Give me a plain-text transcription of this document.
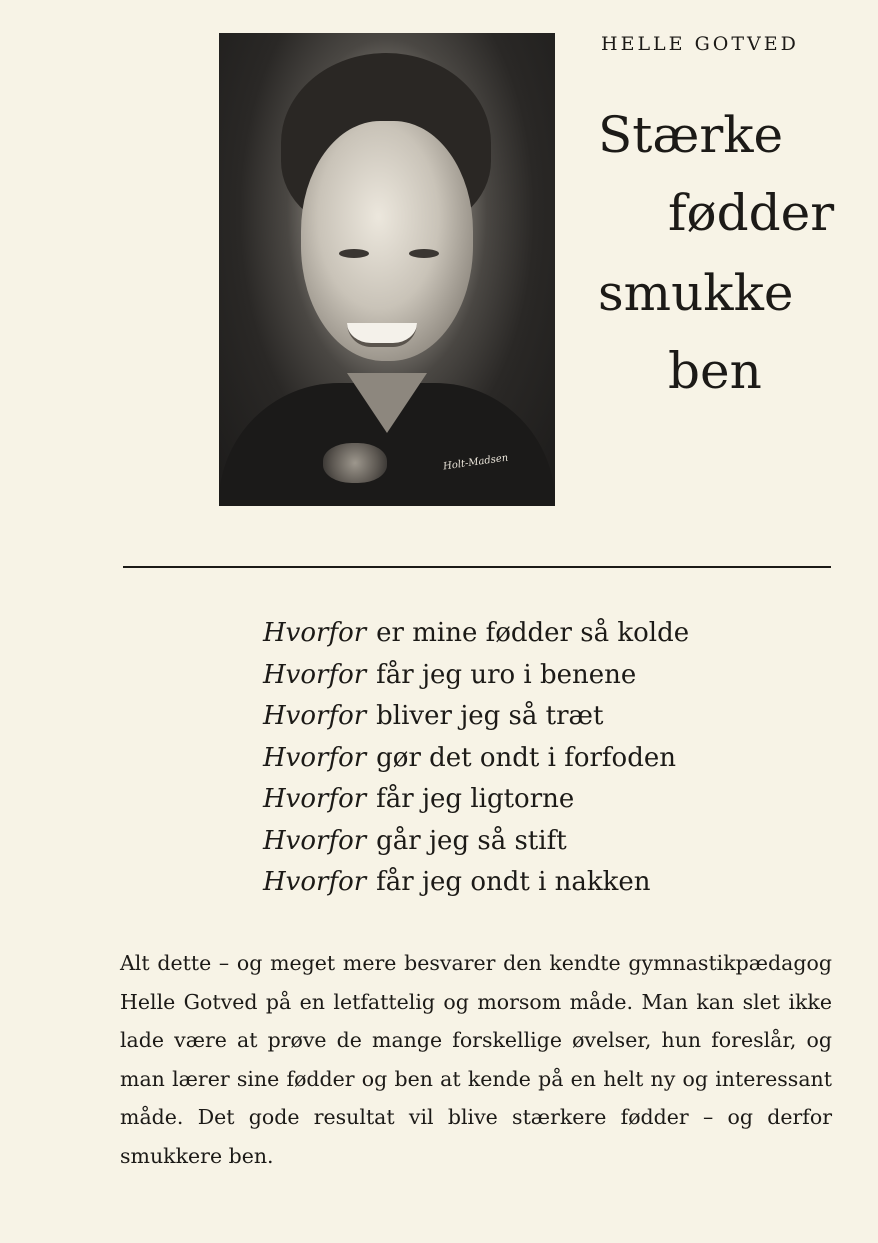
Holt-Madsen
HELLE GOTVED
Stærke
fødder
smukke
ben
Hvorfor er mine fødder så kolde
Hvorfor får jeg uro i benene
Hvorfor bliver jeg så træt
Hvorfor gør det ondt i forfoden
Hvorfor får jeg ligtorne
Hvorfor går jeg så stift
Hvorfor får jeg ondt i nakken
Alt dette – og meget mere besvarer den kendte gymnastikpædagog Helle Gotved på en letfattelig og morsom måde. Man kan slet ikke lade være at prøve de mange forskellige øvelser, hun foreslår, og man lærer sine fødder og ben at kende på en helt ny og interessant måde. Det gode resultat vil blive stærkere fødder – og derfor smukkere ben.
